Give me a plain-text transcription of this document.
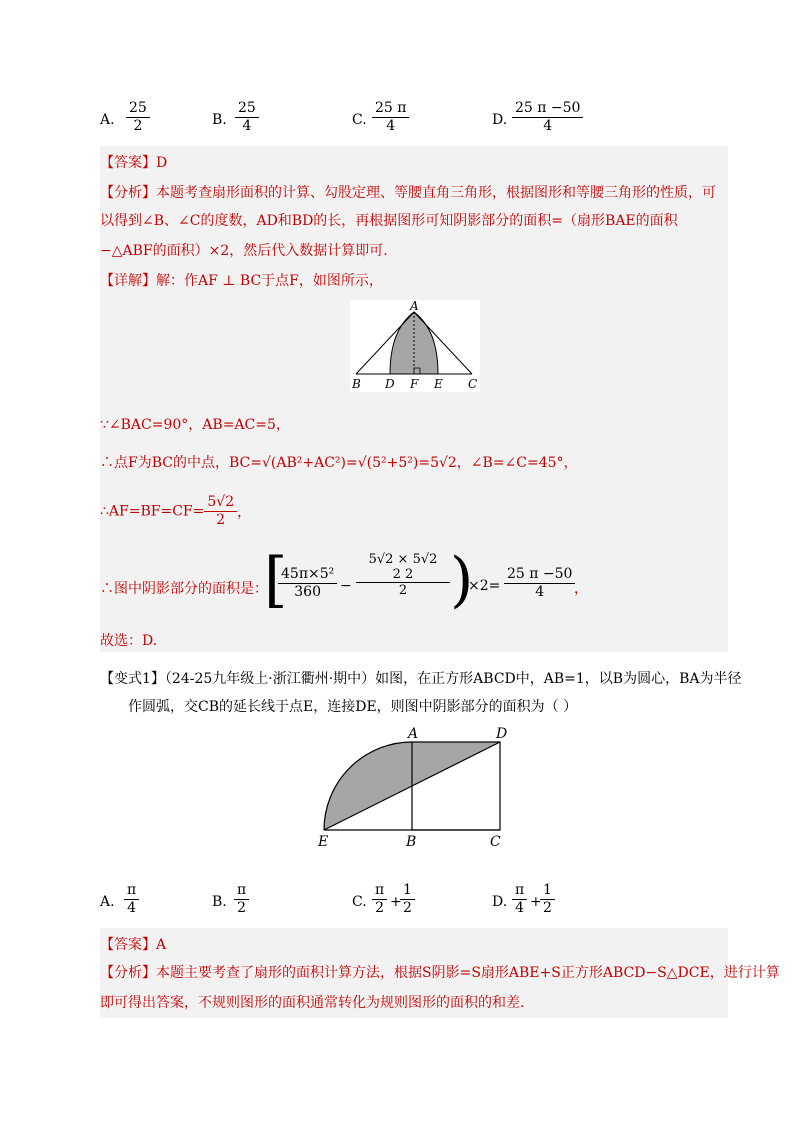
A. $\frac{25}{2}$	B. $\frac{25}{4}$	C. $\frac{25 \pi}{4}$	D. $\frac{25 \pi -50}{4}$
【答案】D
【分析】本题考查扇形面积的计算、勾股定理、等腰直角三角形，根据图形和等腰三角形的性质，可
以得到∠B、∠C的度数，AD和BD的长，再根据图形可知阴影部分的面积=（扇形BAE的面积
−△ABF的面积）×2，然后代入数据计算即可.
【详解】解：作AF ⊥ BC于点F，如图所示，
A
B D F E C
∵∠BAC=90°，AB=AC=5，
∴点F为BC的中点，BC=√(AB²+AC²)=√(5²+5²)=5√2，∠B=∠C=45°，
∴AF=BF=CF= $\frac{5√2}{2}$ ，
∴图中阴影部分的面积是：
[
$\frac{\text{45π×5²}}{360}$ −
5√2 × 5√2
2 2
2 )
$\times 2= \frac{25 \pi -50}{4}$
，
故选：D.
【变式1】（24-25九年级上·浙江衢州·期中）如图，在正方形ABCD中，AB=1，以B为圆心，BA为半径
作圆弧，交CB的延长线于点E，连接DE，则图中阴影部分的面积为（ ）
A	D
E	B	C
A. $\frac{\pi}{4}$	B. $\frac{\pi}{2}$	C. $\frac{\pi}{2}$ +
$\frac{1}{2}$	D. $\frac{\pi}{4}$ +
$\frac{1}{2}$
【答案】A
【分析】本题主要考查了扇形的面积计算方法，根据S阴影=S扇形ABE+S正方形ABCD−S△DCE，进行计算
即可得出答案，不规则图形的面积通常转化为规则图形的面积的和差.
